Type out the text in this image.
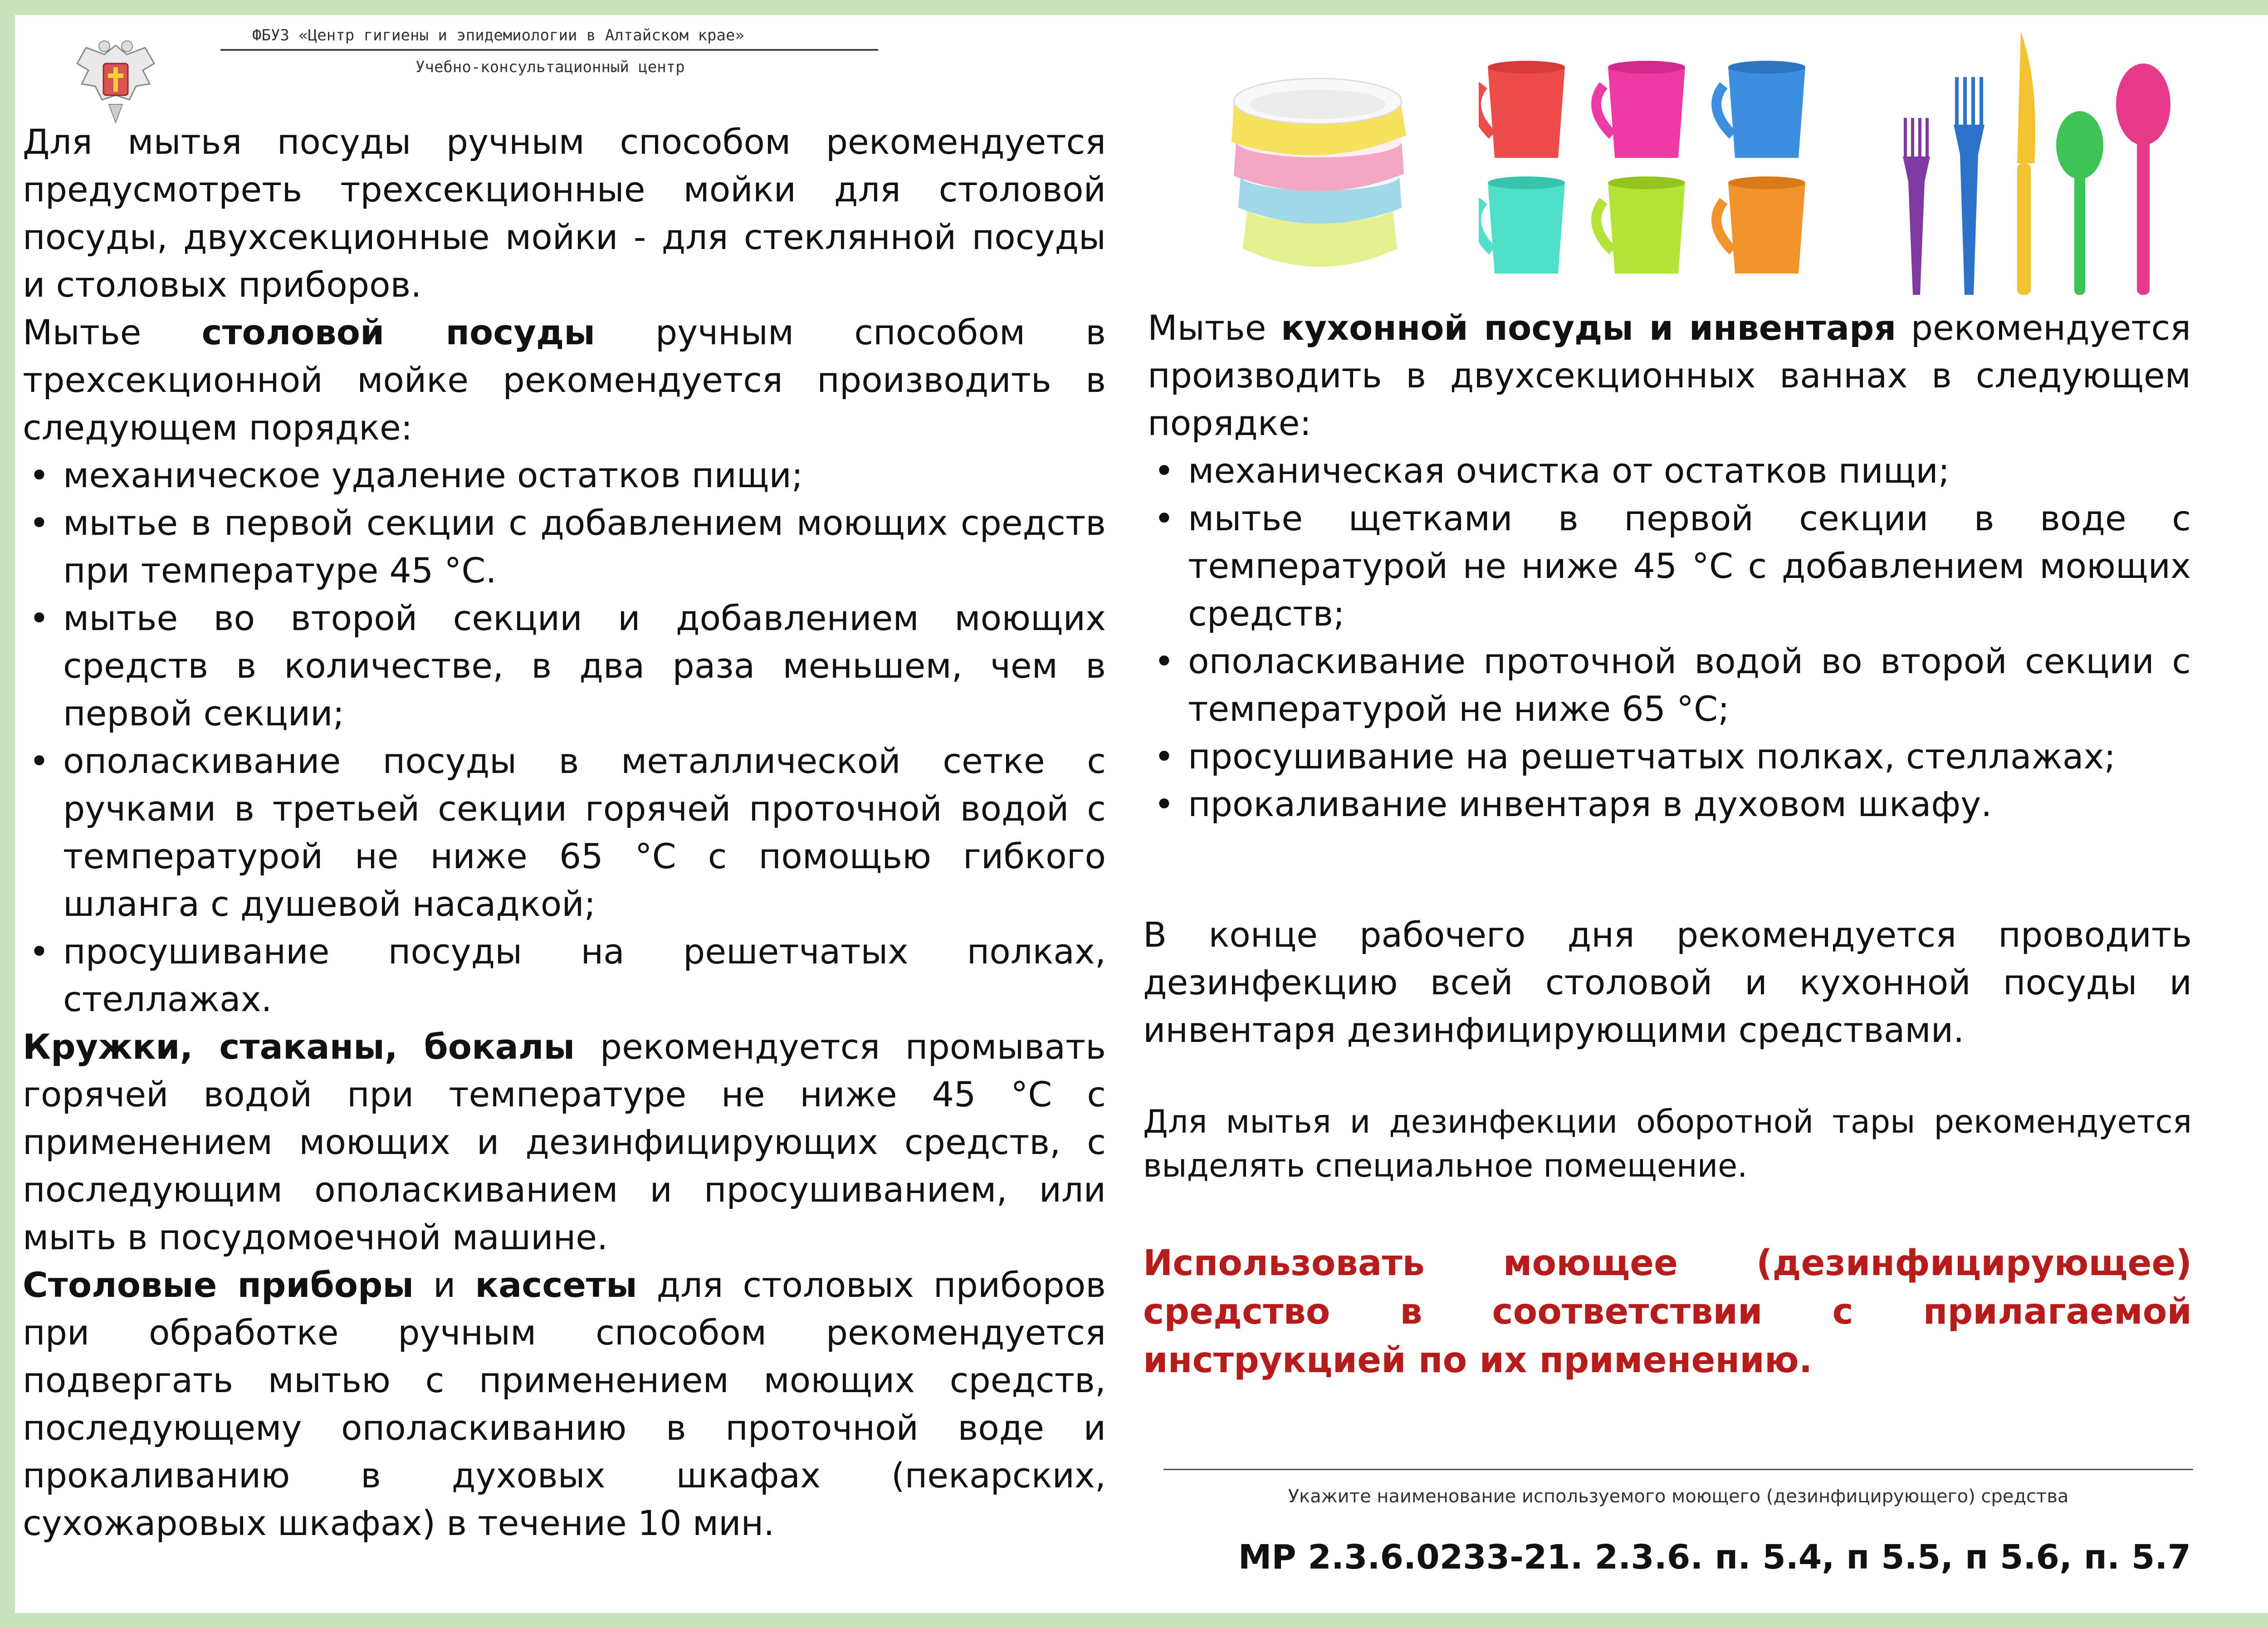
ФБУЗ «Центр гигиены и эпидемиологии в Алтайском крае»
Учебно-консультационный центр

Для мытья посуды ручным способом рекомендуется предусмотреть трехсекционные мойки для столовой посуды, двухсекционные мойки - для стеклянной посуды и столовых приборов.

Мытье столовой посуды ручным способом в трехсекционной мойке рекомендуется производить в следующем порядке:

• механическое удаление остатков пищи;
• мытье в первой секции с добавлением моющих средств при температуре 45 °С.
• мытье во второй секции и добавлением моющих средств в количестве, в два раза меньшем, чем в первой секции;
• ополаскивание посуды в металлической сетке с ручками в третьей секции горячей проточной водой с температурой не ниже 65 °С с помощью гибкого шланга с душевой насадкой;
• просушивание посуды на решетчатых полках, стеллажах.

Кружки, стаканы, бокалы рекомендуется промывать горячей водой при температуре не ниже 45 °С с применением моющих и дезинфицирующих средств, с последующим ополаскиванием и просушиванием, или мыть в посудомоечной машине.

Столовые приборы и кассеты для столовых приборов при обработке ручным способом рекомендуется подвергать мытью с применением моющих средств, последующему ополаскиванию в проточной воде и прокаливанию в духовых шкафах (пекарских, сухожаровых шкафах) в течение 10 мин.

Мытье кухонной посуды и инвентаря рекомендуется производить в двухсекционных ваннах в следующем порядке:

• механическая очистка от остатков пищи;
• мытье щетками в первой секции в воде с температурой не ниже 45 °С с добавлением моющих средств;
• ополаскивание проточной водой во второй секции с температурой не ниже 65 °С;
• просушивание на решетчатых полках, стеллажах;
• прокаливание инвентаря в духовом шкафу.

В конце рабочего дня рекомендуется проводить дезинфекцию всей столовой и кухонной посуды и инвентаря дезинфицирующими средствами.

Для мытья и дезинфекции оборотной тары рекомендуется выделять специальное помещение.

Использовать моющее (дезинфицирующее) средство в соответствии с прилагаемой инструкцией по их применению.

Укажите наименование используемого моющего (дезинфицирующего) средства
МР 2.3.6.0233-21. 2.3.6. п. 5.4, п 5.5, п 5.6, п. 5.7
